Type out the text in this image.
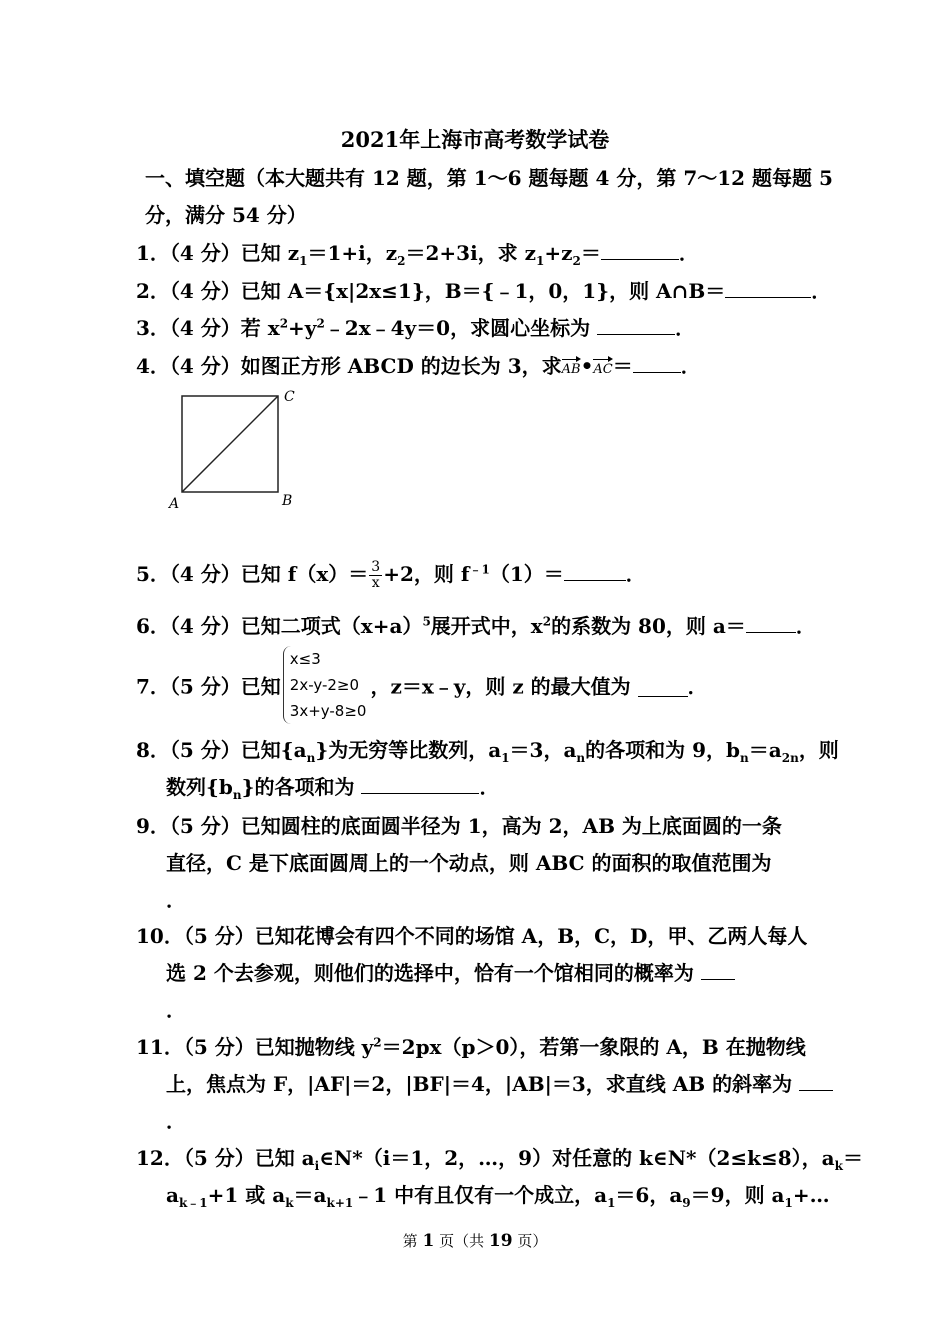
2021年上海市高考数学试卷
一、填空题（本大题共有 12 题，第 1～6 题每题 4 分，第 7～12 题每题 5
分，满分 54 分）
1．（4 分）已知 $z_1=1+i$，$z_2=2+3i$，求 $z_1+z_2=$	．
2．（4 分）已知 A＝{x|2x≤1}，B＝{﹣1，0，1}，则 A∩B＝	．
3．（4 分）若 $x^2+y^2﹣2x﹣4y=0$，求圆心坐标为	．
4．（4 分）如图正方形 ABCD 的边长为 3，求AB•AC＝ ．
A	B
C
5．（4 分）已知 $f(x)= \frac{3}{x} +2$，则 $f^{﹣1}(1)=$	．
6．（4 分）已知二项式$(x+a)^5$展开式中，$x^2$的系数为 80，则 a＝	．
7．（5 分）已知
x≤3
2x-y-2≥0
3x+y-8≥0
，z＝x﹣y，则 z 的最大值为	．
8．（5 分）已知$\{a_n\}$为无穷等比数列，$a_1=3$，$a_n$的各项和为 9，$b_n=a_{2n}$，则
数列$\{b_n\}$的各项和为	．
9．（5 分）已知圆柱的底面圆半径为 1，高为 2，AB 为上底面圆的一条
直径，C 是下底面圆周上的一个动点，则 ABC 的面积的取值范围为
．
10．（5 分）已知花博会有四个不同的场馆 A，B，C，D，甲、乙两人每人
选 2 个去参观，则他们的选择中，恰有一个馆相同的概率为
．
11．（5 分）已知抛物线 $y^2=2px(p>0)$，若第一象限的 A，B 在抛物线
上，焦点为 F，|AF|＝2，|BF|＝4，|AB|＝3，求直线 AB 的斜率为
．
12．（5 分）已知 $a_i\in N*(i=1$，2，…，9）对任意的 k∈N*（2≤k≤8），$a_k=$
$a_{k﹣1}+1$ 或 $a_k=a_{k+1}﹣1$ 中有且仅有一个成立，$a_1=6$，$a_9=9$，则 $a_1+\dots$
第 1 页（共 19 页）
